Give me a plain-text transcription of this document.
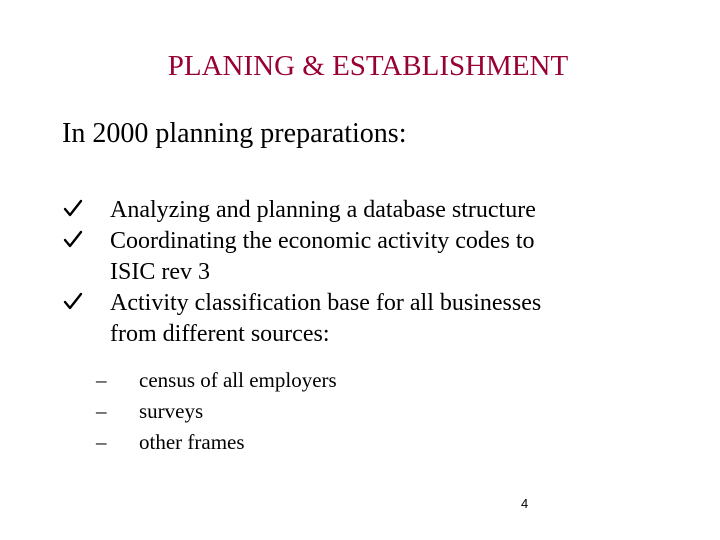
PLANING & ESTABLISHMENT
In 2000 planning preparations:
Analyzing and planning a database structure
Coordinating the economic activity codes to
ISIC rev 3
Activity classification base for all businesses
from different sources:
– census of all employers
– surveys
– other frames
4
